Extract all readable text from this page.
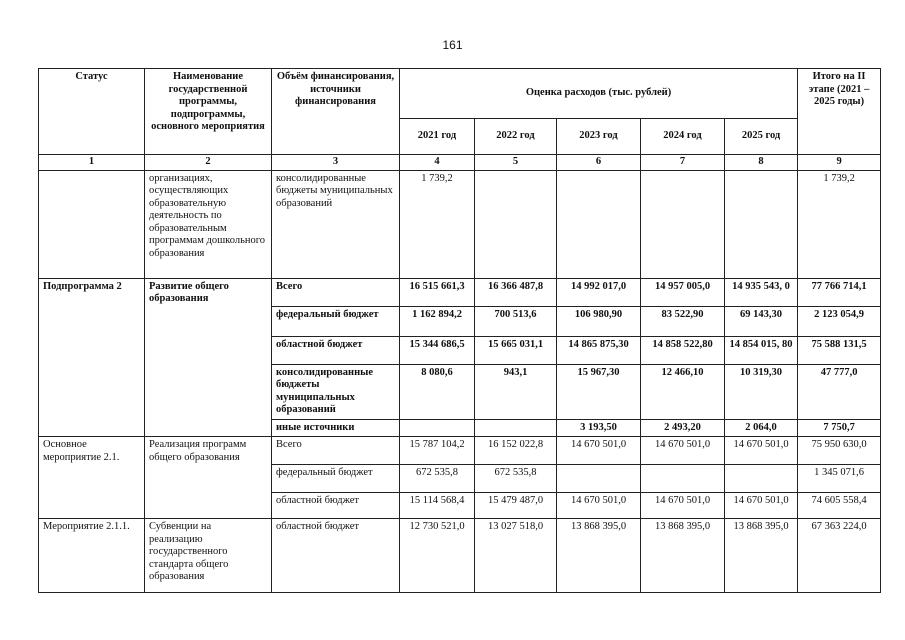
161
Статус	Наименование государственной программы, подпрограммы, основного мероприятия	Объём финансирования, источники финансирования	Оценка расходов (тыс. рублей)					Итого на II этапе (2021 – 2025 годы)
			2021 год	2022 год	2023 год	2024 год	2025 год	
1	2	3	4	5	6	7	8	9
	организациях, осуществляющих образовательную деятельность по образовательным программам дошкольного образования	консолидированные бюджеты муниципальных образований	1 739,2					1 739,2
Подпрограмма 2	Развитие общего образования	Всего	16 515 661,3	16 366 487,8	14 992 017,0	14 957 005,0	14 935 543, 0	77 766 714,1
		федеральный бюджет	1 162 894,2	700 513,6	106 980,90	83 522,90	69 143,30	2 123 054,9
		областной бюджет	15 344 686,5	15 665 031,1	14 865 875,30	14 858 522,80	14 854 015, 80	75 588 131,5
		консолидированные бюджеты муниципальных образований	8 080,6	943,1	15 967,30	12 466,10	10 319,30	47 777,0
		иные источники			3 193,50	2 493,20	2 064,0	7 750,7
Основное мероприятие 2.1.	Реализация программ общего образования	Всего	15 787 104,2	16 152 022,8	14 670 501,0	14 670 501,0	14 670 501,0	75 950 630,0
		федеральный бюджет	672 535,8	672 535,8				1 345 071,6
		областной бюджет	15 114 568,4	15 479 487,0	14 670 501,0	14 670 501,0	14 670 501,0	74 605 558,4
Мероприятие 2.1.1.	Субвенции на реализацию государственного стандарта общего образования	областной бюджет	12 730 521,0	13 027 518,0	13 868 395,0	13 868 395,0	13 868 395,0	67 363 224,0
